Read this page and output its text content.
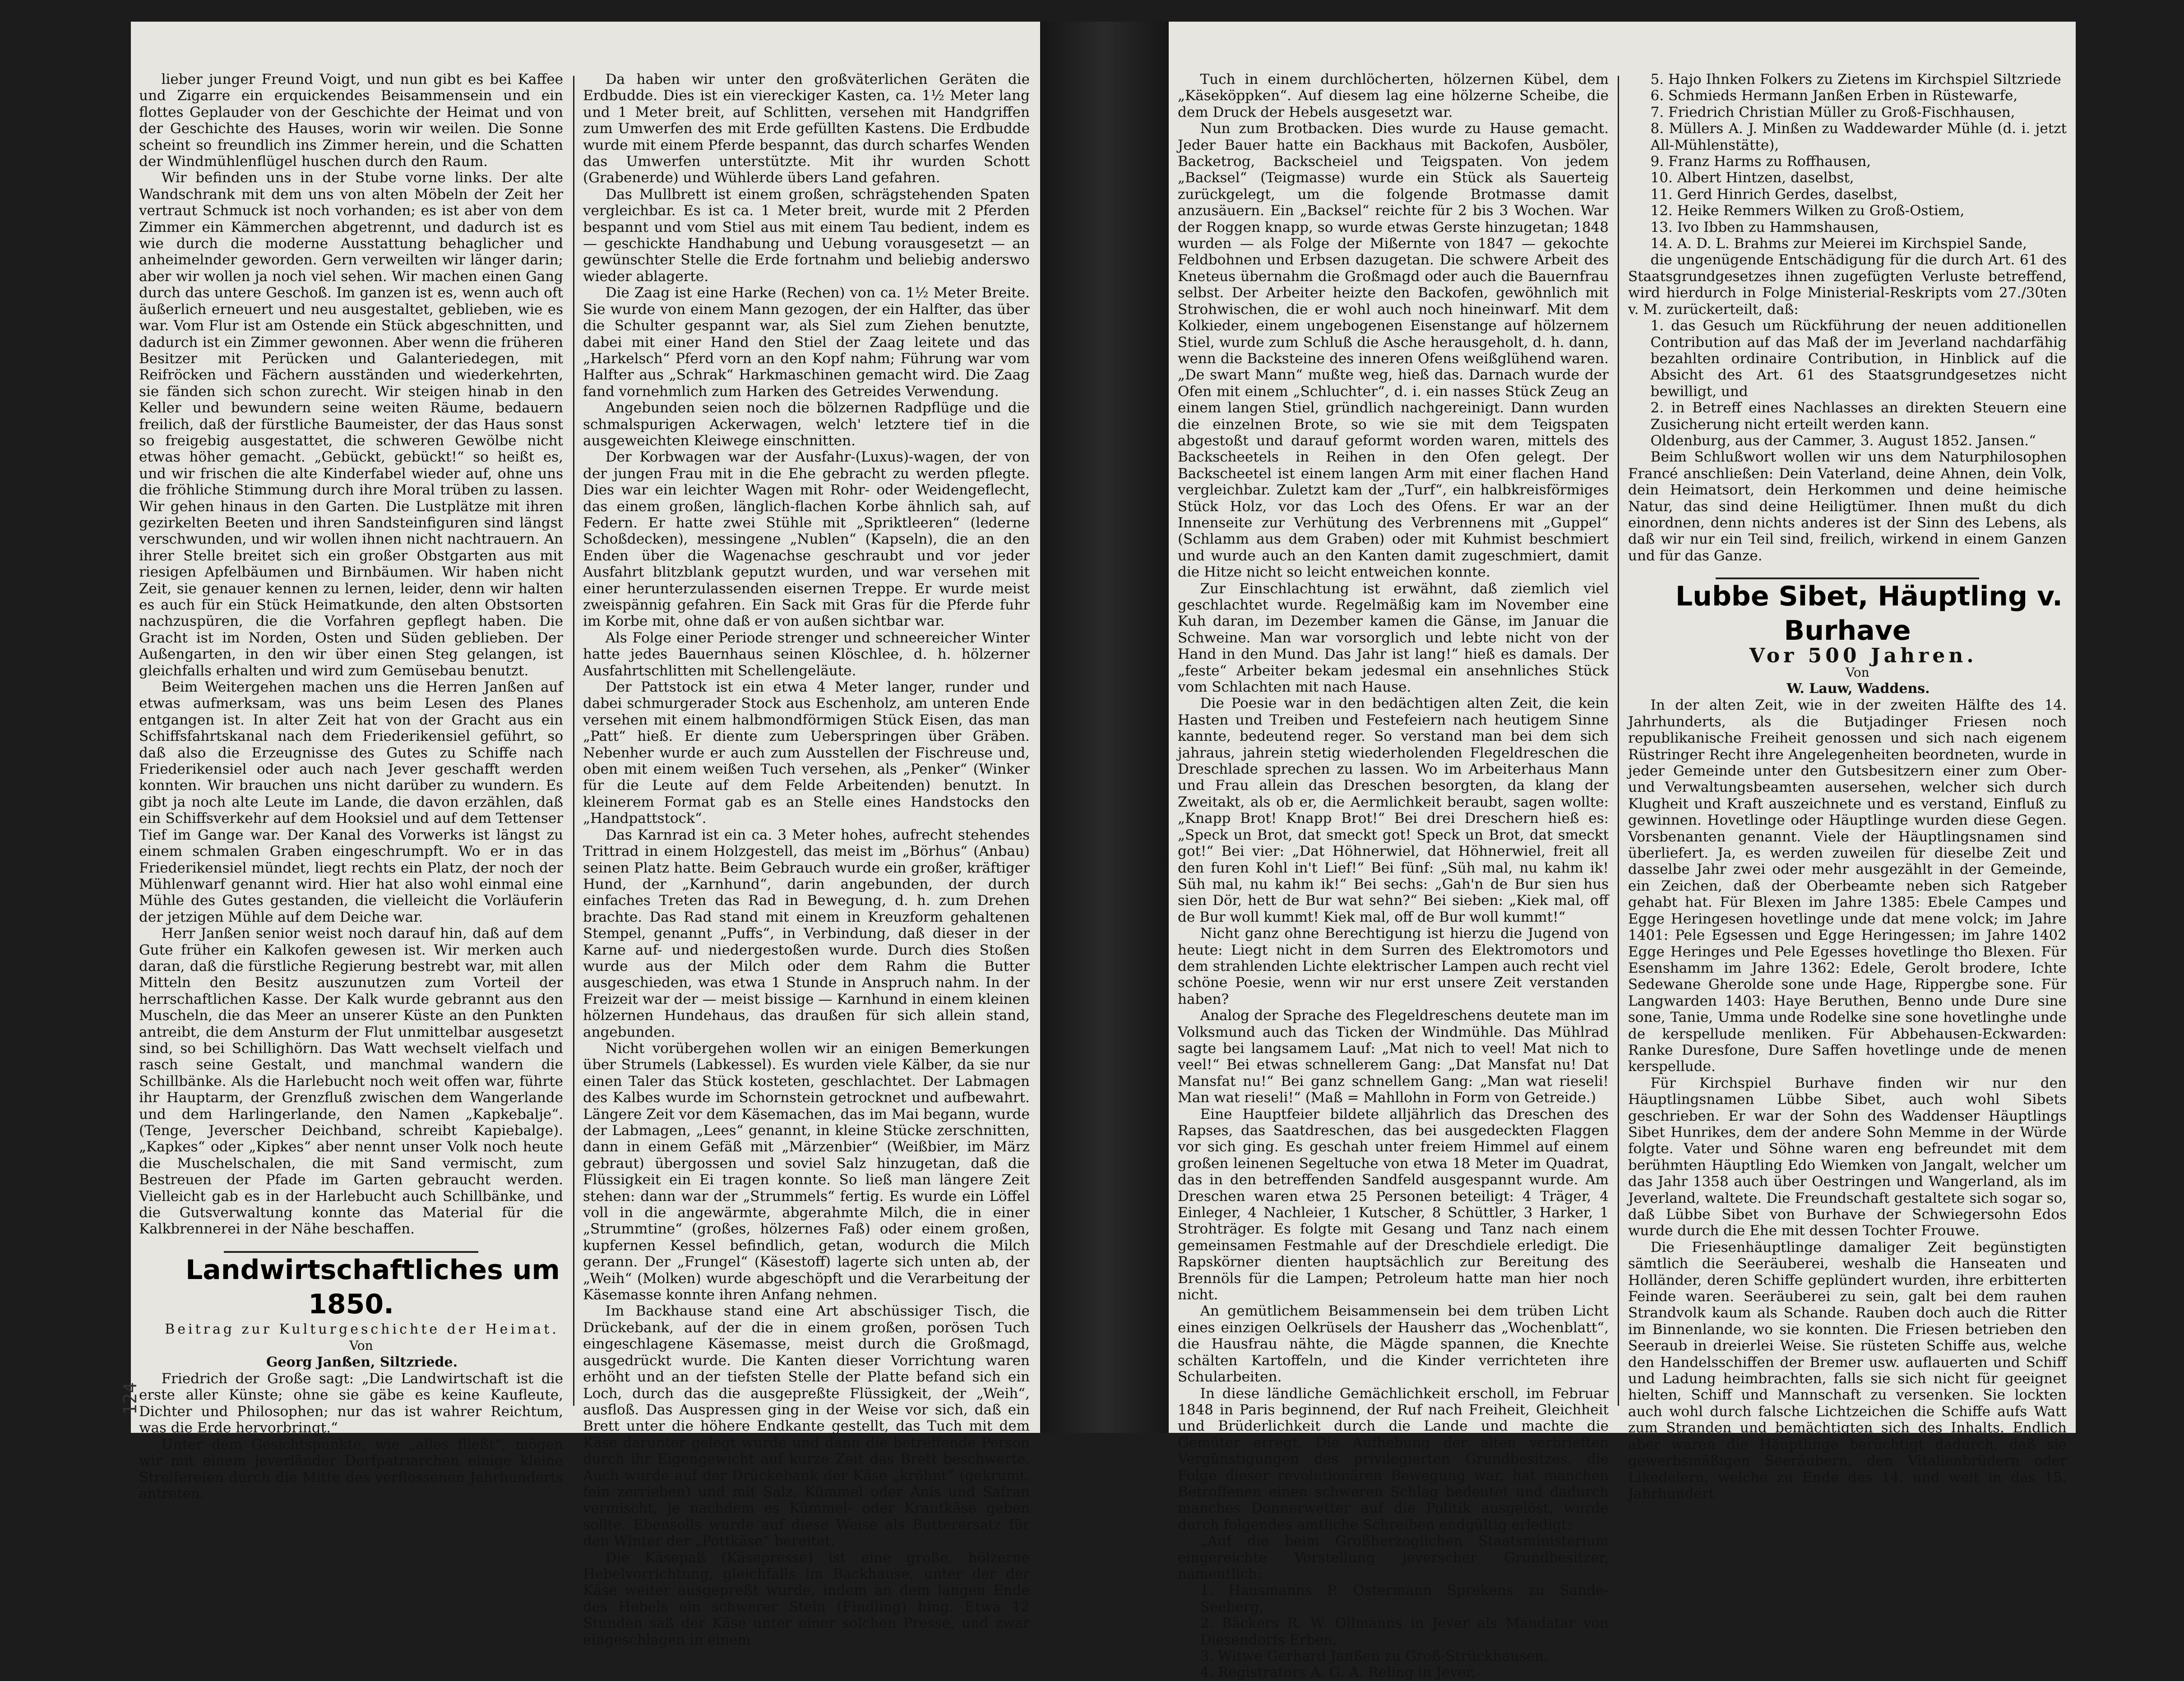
lieber junger Freund Voigt, und nun gibt es bei Kaffee und Zigarre ein erquickendes Beisammensein und ein flottes Geplauder von der Geschichte der Heimat und von der Geschichte des Hauses, worin wir weilen. Die Sonne scheint so freundlich ins Zimmer herein, und die Schatten der Windmühlenflügel huschen durch den Raum.

Wir befinden uns in der Stube vorne links. Der alte Wandschrank mit dem uns von alten Möbeln der Zeit her vertraut Schmuck ist noch vorhanden; es ist aber von dem Zimmer ein Kämmerchen abgetrennt, und dadurch ist es wie durch die moderne Ausstattung behaglicher und anheimelnder geworden. Gern verweilten wir länger darin; aber wir wollen ja noch viel sehen. Wir machen einen Gang durch das untere Geschoß. Im ganzen ist es, wenn auch oft äußerlich erneuert und neu ausgestaltet, geblieben, wie es war. Vom Flur ist am Ostende ein Stück abgeschnitten, und dadurch ist ein Zimmer gewonnen. Aber wenn die früheren Besitzer mit Perücken und Galanteriedegen, mit Reifröcken und Fächern ausständen und wiederkehrten, sie fänden sich schon zurecht. Wir steigen hinab in den Keller und bewundern seine weiten Räume, bedauern freilich, daß der fürstliche Baumeister, der das Haus sonst so freigebig ausgestattet, die schweren Gewölbe nicht etwas höher gemacht. „Gebückt, gebückt!“ so heißt es, und wir frischen die alte Kinderfabel wieder auf, ohne uns die fröhliche Stimmung durch ihre Moral trüben zu lassen. Wir gehen hinaus in den Garten. Die Lustplätze mit ihren gezirkelten Beeten und ihren Sandsteinfiguren sind längst verschwunden, und wir wollen ihnen nicht nachtrauern. An ihrer Stelle breitet sich ein großer Obstgarten aus mit riesigen Apfelbäumen und Birnbäumen. Wir haben nicht Zeit, sie genauer kennen zu lernen, leider, denn wir halten es auch für ein Stück Heimatkunde, den alten Obstsorten nachzuspüren, die die Vorfahren gepflegt haben. Die Gracht ist im Norden, Osten und Süden geblieben. Der Außengarten, in den wir über einen Steg gelangen, ist gleichfalls erhalten und wird zum Gemüsebau benutzt.

Beim Weitergehen machen uns die Herren Janßen auf etwas aufmerksam, was uns beim Lesen des Planes entgangen ist. In alter Zeit hat von der Gracht aus ein Schiffsfahrtskanal nach dem Friederikensiel geführt, so daß also die Erzeugnisse des Gutes zu Schiffe nach Friederikensiel oder auch nach Jever geschafft werden konnten. Wir brauchen uns nicht darüber zu wundern. Es gibt ja noch alte Leute im Lande, die davon erzählen, daß ein Schiffsverkehr auf dem Hooksiel und auf dem Tettenser Tief im Gange war. Der Kanal des Vorwerks ist längst zu einem schmalen Graben eingeschrumpft. Wo er in das Friederikensiel mündet, liegt rechts ein Platz, der noch der Mühlenwarf genannt wird. Hier hat also wohl einmal eine Mühle des Gutes gestanden, die vielleicht die Vorläuferin der jetzigen Mühle auf dem Deiche war.

Herr Janßen senior weist noch darauf hin, daß auf dem Gute früher ein Kalkofen gewesen ist. Wir merken auch daran, daß die fürstliche Regierung bestrebt war, mit allen Mitteln den Besitz auszunutzen zum Vorteil der herrschaftlichen Kasse. Der Kalk wurde gebrannt aus den Muscheln, die das Meer an unserer Küste an den Punkten antreibt, die dem Ansturm der Flut unmittelbar ausgesetzt sind, so bei Schillighörn. Das Watt wechselt vielfach und rasch seine Gestalt, und manchmal wandern die Schillbänke. Als die Harlebucht noch weit offen war, führte ihr Hauptarm, der Grenzfluß zwischen dem Wangerlande und dem Harlingerlande, den Namen „Kapkebalje“. (Tenge, Jeverscher Deichband, schreibt Kapiebalge). „Kapkes“ oder „Kipkes“ aber nennt unser Volk noch heute die Muschelschalen, die mit Sand vermischt, zum Bestreuen der Pfade im Garten gebraucht werden. Vielleicht gab es in der Harlebucht auch Schillbänke, und die Gutsverwaltung konnte das Material für die Kalkbrennerei in der Nähe beschaffen.

Landwirtschaftliches um 1850.

Beitrag zur Kulturgeschichte der Heimat.

Von

Georg Janßen, Siltzriede.

Friedrich der Große sagt: „Die Landwirtschaft ist die erste aller Künste; ohne sie gäbe es keine Kaufleute, Dichter und Philosophen; nur das ist wahrer Reichtum, was die Erde hervorbringt.“

Unter dem Gesichtspunkte, wie „alles fließt“, mögen wir mit einem jeverländer Dorfpatriarchen einige kleine Streifereien durch die Mitte des verflossenen Jahrhunderts antreten.

Da haben wir unter den großväterlichen Geräten die Erdbudde. Dies ist ein viereckiger Kasten, ca. 1½ Meter lang und 1 Meter breit, auf Schlitten, versehen mit Handgriffen zum Umwerfen des mit Erde gefüllten Kastens. Die Erdbudde wurde mit einem Pferde bespannt, das durch scharfes Wenden das Umwerfen unterstützte. Mit ihr wurden Schott (Grabenerde) und Wühlerde übers Land gefahren.

Das Mullbrett ist einem großen, schrägstehenden Spaten vergleichbar. Es ist ca. 1 Meter breit, wurde mit 2 Pferden bespannt und vom Stiel aus mit einem Tau bedient, indem es — geschickte Handhabung und Uebung vorausgesetzt — an gewünschter Stelle die Erde fortnahm und beliebig anderswo wieder ablagerte.

Die Zaag ist eine Harke (Rechen) von ca. 1½ Meter Breite. Sie wurde von einem Mann gezogen, der ein Halfter, das über die Schulter gespannt war, als Siel zum Ziehen benutzte, dabei mit einer Hand den Stiel der Zaag leitete und das „Harkelsch“ Pferd vorn an den Kopf nahm; Führung war vom Halfter aus „Schrak“ Harkmaschinen gemacht wird. Die Zaag fand vornehmlich zum Harken des Getreides Verwendung.

Angebunden seien noch die bölzernen Radpflüge und die schmalspurigen Ackerwagen, welch' letztere tief in die ausgeweichten Kleiwege einschnitten.

Der Korbwagen war der Ausfahr-(Luxus)-wagen, der von der jungen Frau mit in die Ehe gebracht zu werden pflegte. Dies war ein leichter Wagen mit Rohr- oder Weidengeflecht, das einem großen, länglich-flachen Korbe ähnlich sah, auf Federn. Er hatte zwei Stühle mit „Spriktleeren“ (lederne Schoßdecken), messingene „Nublen“ (Kapseln), die an den Enden über die Wagenachse geschraubt und vor jeder Ausfahrt blitzblank geputzt wurden, und war versehen mit einer herunterzulassenden eisernen Treppe. Er wurde meist zweispännig gefahren. Ein Sack mit Gras für die Pferde fuhr im Korbe mit, ohne daß er von außen sichtbar war.

Als Folge einer Periode strenger und schneereicher Winter hatte jedes Bauernhaus seinen Klöschlee, d. h. hölzerner Ausfahrtschlitten mit Schellengeläute.

Der Pattstock ist ein etwa 4 Meter langer, runder und dabei schmurgerader Stock aus Eschenholz, am unteren Ende versehen mit einem halbmondförmigen Stück Eisen, das man „Patt“ hieß. Er diente zum Ueberspringen über Gräben. Nebenher wurde er auch zum Ausstellen der Fischreuse und, oben mit einem weißen Tuch versehen, als „Penker“ (Winker für die Leute auf dem Felde Arbeitenden) benutzt. In kleinerem Format gab es an Stelle eines Handstocks den „Handpattstock“.

Das Karnrad ist ein ca. 3 Meter hohes, aufrecht stehendes Trittrad in einem Holzgestell, das meist im „Börhus“ (Anbau) seinen Platz hatte. Beim Gebrauch wurde ein großer, kräftiger Hund, der „Karnhund“, darin angebunden, der durch einfaches Treten das Rad in Bewegung, d. h. zum Drehen brachte. Das Rad stand mit einem in Kreuzform gehaltenen Stempel, genannt „Puffs“, in Verbindung, daß dieser in der Karne auf- und niedergestoßen wurde. Durch dies Stoßen wurde aus der Milch oder dem Rahm die Butter ausgeschieden, was etwa 1 Stunde in Anspruch nahm. In der Freizeit war der — meist bissige — Karnhund in einem kleinen hölzernen Hundehaus, das draußen für sich allein stand, angebunden.

Nicht vorübergehen wollen wir an einigen Bemerkungen über Strumels (Labkessel). Es wurden viele Kälber, da sie nur einen Taler das Stück kosteten, geschlachtet. Der Labmagen des Kalbes wurde im Schornstein getrocknet und aufbewahrt. Längere Zeit vor dem Käsemachen, das im Mai begann, wurde der Labmagen, „Lees“ genannt, in kleine Stücke zerschnitten, dann in einem Gefäß mit „Märzenbier“ (Weißbier, im März gebraut) übergossen und soviel Salz hinzugetan, daß die Flüssigkeit ein Ei tragen konnte. So ließ man längere Zeit stehen: dann war der „Strummels“ fertig. Es wurde ein Löffel voll in die angewärmte, abgerahmte Milch, die in einer „Strummtine“ (großes, hölzernes Faß) oder einem großen, kupfernen Kessel befindlich, getan, wodurch die Milch gerann. Der „Frungel“ (Käsestoff) lagerte sich unten ab, der „Weih“ (Molken) wurde abgeschöpft und die Verarbeitung der Käsemasse konnte ihren Anfang nehmen.

Im Backhause stand eine Art abschüssiger Tisch, die Drückebank, auf der die in einem großen, porösen Tuch eingeschlagene Käsemasse, meist durch die Großmagd, ausgedrückt wurde. Die Kanten dieser Vorrichtung waren erhöht und an der tiefsten Stelle der Platte befand sich ein Loch, durch das die ausgepreßte Flüssigkeit, der „Weih“, ausfloß. Das Auspressen ging in der Weise vor sich, daß ein Brett unter die höhere Endkante gestellt, das Tuch mit dem Käse darunter gelegt wurde und dann die betreffende Person durch ihr Eigengewicht auf kurze Zeit das Brett beschwerte. Auch wurde auf der Drückebank der Käse „kröhnt“ (gekrumt, fein zerrieben) und mit Salz, Kümmel oder Anis und Safran vermischt, je nachdem es Kümmel- oder Krautkäse geben sollte. Ebensolls wurde auf diese Weise als Butterersatz für den Winter der „Pottkäse“ bereitet.

Die Käsepaß (Käsepresse) ist eine große, hölzerne Hebelvorrichtung, gleichfalls im Backhause, unter der der Käse weiter ausgepreßt wurde, indem an dem langen Ende des Hebels ein schwerer Stein (Findling) hing. Etwa 12 Stunden saß der Käse unter einer solchen Presse, und zwar eingeschlagen in einem

124

Tuch in einem durchlöcherten, hölzernen Kübel, dem „Käseköppken“. Auf diesem lag eine hölzerne Scheibe, die dem Druck der Hebels ausgesetzt war.

Nun zum Brotbacken. Dies wurde zu Hause gemacht. Jeder Bauer hatte ein Backhaus mit Backofen, Ausböler, Backetrog, Backscheiel und Teigspaten. Von jedem „Backsel“ (Teigmasse) wurde ein Stück als Sauerteig zurückgelegt, um die folgende Brotmasse damit anzusäuern. Ein „Backsel“ reichte für 2 bis 3 Wochen. War der Roggen knapp, so wurde etwas Gerste hinzugetan; 1848 wurden — als Folge der Mißernte von 1847 — gekochte Feldbohnen und Erbsen dazugetan. Die schwere Arbeit des Kneteus übernahm die Großmagd oder auch die Bauernfrau selbst. Der Arbeiter heizte den Backofen, gewöhnlich mit Strohwischen, die er wohl auch noch hineinwarf. Mit dem Kolkieder, einem ungebogenen Eisenstange auf hölzernem Stiel, wurde zum Schluß die Asche herausgeholt, d. h. dann, wenn die Backsteine des inneren Ofens weißglühend waren. „De swart Mann“ mußte weg, hieß das. Darnach wurde der Ofen mit einem „Schluchter“, d. i. ein nasses Stück Zeug an einem langen Stiel, gründlich nachgereinigt. Dann wurden die einzelnen Brote, so wie sie mit dem Teigspaten abgestoßt und darauf geformt worden waren, mittels des Backscheetels in Reihen in den Ofen gelegt. Der Backscheetel ist einem langen Arm mit einer flachen Hand vergleichbar. Zuletzt kam der „Turf“, ein halbkreisförmiges Stück Holz, vor das Loch des Ofens. Er war an der Innenseite zur Verhütung des Verbrennens mit „Guppel“ (Schlamm aus dem Graben) oder mit Kuhmist beschmiert und wurde auch an den Kanten damit zugeschmiert, damit die Hitze nicht so leicht entweichen konnte.

Zur Einschlachtung ist erwähnt, daß ziemlich viel geschlachtet wurde. Regelmäßig kam im November eine Kuh daran, im Dezember kamen die Gänse, im Januar die Schweine. Man war vorsorglich und lebte nicht von der Hand in den Mund. Das Jahr ist lang!“ hieß es damals. Der „feste“ Arbeiter bekam jedesmal ein ansehnliches Stück vom Schlachten mit nach Hause.

Die Poesie war in den bedächtigen alten Zeit, die kein Hasten und Treiben und Festefeiern nach heutigem Sinne kannte, bedeutend reger. So verstand man bei dem sich jahraus, jahrein stetig wiederholenden Flegeldreschen die Dreschlade sprechen zu lassen. Wo im Arbeiterhaus Mann und Frau allein das Dreschen besorgten, da klang der Zweitakt, als ob er, die Aermlichkeit beraubt, sagen wollte: „Knapp Brot! Knapp Brot!“ Bei drei Dreschern hieß es: „Speck un Brot, dat smeckt got! Speck un Brot, dat smeckt got!“ Bei vier: „Dat Höhnerwiel, dat Höhnerwiel, freit all den furen Kohl in't Lief!“ Bei fünf: „Süh mal, nu kahm ik! Süh mal, nu kahm ik!“ Bei sechs: „Gah'n de Bur sien hus sien Dör, hett de Bur wat sehn?“ Bei sieben: „Kiek mal, off de Bur woll kummt! Kiek mal, off de Bur woll kummt!“

Nicht ganz ohne Berechtigung ist hierzu die Jugend von heute: Liegt nicht in dem Surren des Elektromotors und dem strahlenden Lichte elektrischer Lampen auch recht viel schöne Poesie, wenn wir nur erst unsere Zeit verstanden haben?

Analog der Sprache des Flegeldreschens deutete man im Volksmund auch das Ticken der Windmühle. Das Mühlrad sagte bei langsamem Lauf: „Mat nich to veel! Mat nich to veel!“ Bei etwas schnellerem Gang: „Dat Mansfat nu! Dat Mansfat nu!“ Bei ganz schnellem Gang: „Man wat rieseli! Man wat rieseli!“ (Maß = Mahllohn in Form von Getreide.)

Eine Hauptfeier bildete alljährlich das Dreschen des Rapses, das Saatdreschen, das bei ausgedeckten Flaggen vor sich ging. Es geschah unter freiem Himmel auf einem großen leinenen Segeltuche von etwa 18 Meter im Quadrat, das in den betreffenden Sandfeld ausgespannt wurde. Am Dreschen waren etwa 25 Personen beteiligt: 4 Träger, 4 Einleger, 4 Nachleier, 1 Kutscher, 8 Schüttler, 3 Harker, 1 Strohträger. Es folgte mit Gesang und Tanz nach einem gemeinsamen Festmahle auf der Dreschdiele erledigt. Die Rapskörner dienten hauptsächlich zur Bereitung des Brennöls für die Lampen; Petroleum hatte man hier noch nicht.

An gemütlichem Beisammensein bei dem trüben Licht eines einzigen Oelkrüsels der Hausherr das „Wochenblatt“, die Hausfrau nähte, die Mägde spannen, die Knechte schälten Kartoffeln, und die Kinder verrichteten ihre Schularbeiten.

In diese ländliche Gemächlichkeit erscholl, im Februar 1848 in Paris beginnend, der Ruf nach Freiheit, Gleichheit und Brüderlichkeit durch die Lande und machte die Gemüter erregt. Die Aufhebung der alten verbrieften Vergünstigungen des privilegierten Grundbesitzes, die Folge dieser revolutionären Bewegung war, hat manchen Betroffenen einen schweren Schlag bedeutet und dadurch manches Donnerwetter auf die Politik ausgelöst, wurde durch folgendes amtliche Schreiben endgültig erledigt:

„Auf die beim Großherzoglichen Staatsministerium eingereichte Vorstellung jeverscher Grundbesitzer, namentlich:

1. Hausmanns P. Ostermann Sprekens zu Sande-Seeberg,

2. Bäckers R. W. Ollmanns in Jever als Mandatar von Diesendorfs Erben,

3. Witwe Gerhard Janßen zu Groß-Strückhausen,

4. Registrators A. G. A. Reling in Jever,

5. Hajo Ihnken Folkers zu Zietens im Kirchspiel Siltzriede

6. Schmieds Hermann Janßen Erben in Rüstewarfe,

7. Friedrich Christian Müller zu Groß-Fischhausen,

8. Müllers A. J. Minßen zu Waddewarder Mühle (d. i. jetzt All-Mühlenstätte),

9. Franz Harms zu Roffhausen,

10. Albert Hintzen, daselbst,

11. Gerd Hinrich Gerdes, daselbst,

12. Heike Remmers Wilken zu Groß-Ostiem,

13. Ivo Ibben zu Hammshausen,

14. A. D. L. Brahms zur Meierei im Kirchspiel Sande,

die ungenügende Entschädigung für die durch Art. 61 des Staatsgrundgesetzes ihnen zugefügten Verluste betreffend, wird hierdurch in Folge Ministerial-Reskripts vom 27./30ten v. M. zurückerteilt, daß:

1. das Gesuch um Rückführung der neuen additionellen Contribution auf das Maß der im Jeverland nachdarfähig bezahlten ordinaire Contribution, in Hinblick auf die Absicht des Art. 61 des Staatsgrundgesetzes nicht bewilligt, und

2. in Betreff eines Nachlasses an direkten Steuern eine Zusicherung nicht erteilt werden kann.

Oldenburg, aus der Cammer, 3. August 1852. Jansen.“

Beim Schlußwort wollen wir uns dem Naturphilosophen Francé anschließen: Dein Vaterland, deine Ahnen, dein Volk, dein Heimatsort, dein Herkommen und deine heimische Natur, das sind deine Heiligtümer. Ihnen mußt du dich einordnen, denn nichts anderes ist der Sinn des Lebens, als daß wir nur ein Teil sind, freilich, wirkend in einem Ganzen und für das Ganze.

Lubbe Sibet, Häuptling v. Burhave

Vor 500 Jahren.

Von

W. Lauw, Waddens.

In der alten Zeit, wie in der zweiten Hälfte des 14. Jahrhunderts, als die Butjadinger Friesen noch republikanische Freiheit genossen und sich nach eigenem Rüstringer Recht ihre Angelegenheiten beordneten, wurde in jeder Gemeinde unter den Gutsbesitzern einer zum Ober- und Verwaltungsbeamten ausersehen, welcher sich durch Klugheit und Kraft auszeichnete und es verstand, Einfluß zu gewinnen. Hovetlinge oder Häuptlinge wurden diese Gegen. Vorsbenanten genannt. Viele der Häuptlingsnamen sind überliefert. Ja, es werden zuweilen für dieselbe Zeit und dasselbe Jahr zwei oder mehr ausgezählt in der Gemeinde, ein Zeichen, daß der Oberbeamte neben sich Ratgeber gehabt hat. Für Blexen im Jahre 1385: Ebele Campes und Egge Heringesen hovetlinge unde dat mene volck; im Jahre 1401: Pele Egsessen und Egge Heringessen; im Jahre 1402 Egge Heringes und Pele Egesses hovetlinge tho Blexen. Für Esenshamm im Jahre 1362: Edele, Gerolt brodere, Ichte Sedewane Gherolde sone unde Hage, Rippergbe sone. Für Langwarden 1403: Haye Beruthen, Benno unde Dure sine sone, Tanie, Umma unde Rodelke sine sone hovetlinghe unde de kerspellude menliken. Für Abbehausen-Eckwarden: Ranke Duresfone, Dure Saffen hovetlinge unde de menen kerspellude.

Für Kirchspiel Burhave finden wir nur den Häuptlingsnamen Lübbe Sibet, auch wohl Sibets geschrieben. Er war der Sohn des Waddenser Häuptlings Sibet Hunrikes, dem der andere Sohn Memme in der Würde folgte. Vater und Söhne waren eng befreundet mit dem berühmten Häuptling Edo Wiemken von Jangalt, welcher um das Jahr 1358 auch über Oestringen und Wangerland, als im Jeverland, waltete. Die Freundschaft gestaltete sich sogar so, daß Lübbe Sibet von Burhave der Schwiegersohn Edos wurde durch die Ehe mit dessen Tochter Frouwe.

Die Friesenhäuptlinge damaliger Zeit begünstigten sämtlich die Seeräuberei, weshalb die Hanseaten und Holländer, deren Schiffe geplündert wurden, ihre erbitterten Feinde waren. Seeräuberei zu sein, galt bei dem rauhen Strandvolk kaum als Schande. Rauben doch auch die Ritter im Binnenlande, wo sie konnten. Die Friesen betrieben den Seeraub in dreierlei Weise. Sie rüsteten Schiffe aus, welche den Handelsschiffen der Bremer usw. auflauerten und Schiff und Ladung heimbrachten, falls sie sich nicht für geeignet hielten, Schiff und Mannschaft zu versenken. Sie lockten auch wohl durch falsche Lichtzeichen die Schiffe aufs Watt zum Stranden und bemächtigten sich des Inhalts. Endlich aber waren die Häuptlinge berüchtigt dadurch, daß sie gewerbsmäßigen Seeräubern, den Vitalienbrüdern oder Likedelern, welche zu Ende des 14. und weit in das 15. Jahrhundert
